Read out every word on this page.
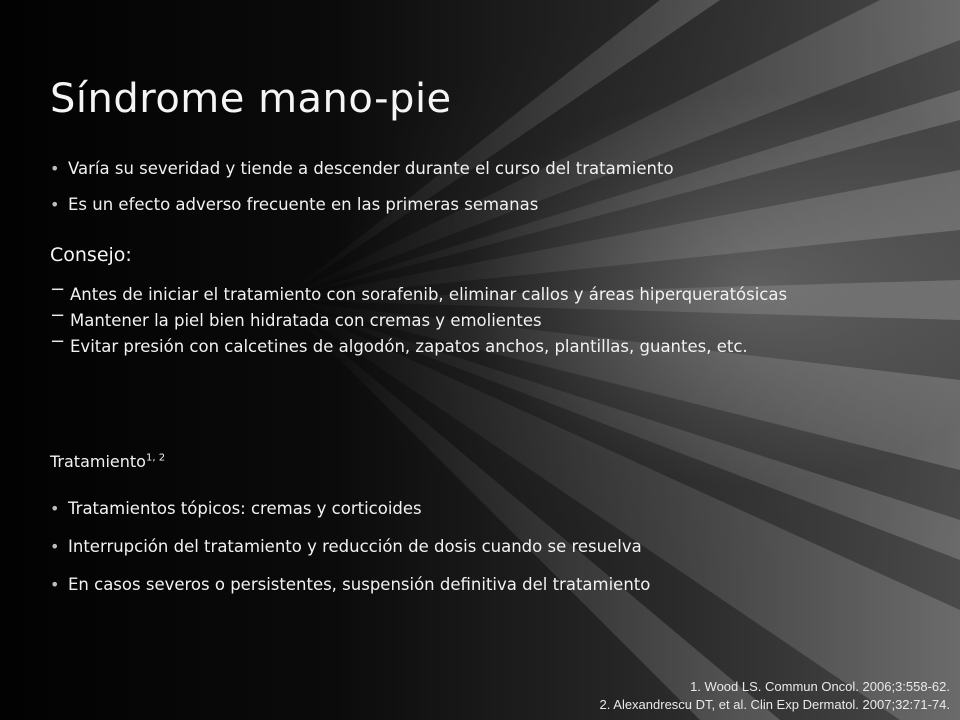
Síndrome mano-pie
• Varía su severidad y tiende a descender durante el curso del tratamiento
• Es un efecto adverso frecuente en las primeras semanas
Consejo:
− Antes de iniciar el tratamiento con sorafenib, eliminar callos y áreas hiperqueratósicas
− Mantener la piel bien hidratada con cremas y emolientes
− Evitar presión con calcetines de algodón, zapatos anchos, plantillas, guantes, etc.
Tratamiento$^{1, 2}$
• Tratamientos tópicos: cremas y corticoides
• Interrupción del tratamiento y reducción de dosis cuando se resuelva
• En casos severos o persistentes, suspensión definitiva del tratamiento
1. Wood LS. Commun Oncol. 2006;3:558-62.
2. Alexandrescu DT, et al. Clin Exp Dermatol. 2007;32:71-74.
